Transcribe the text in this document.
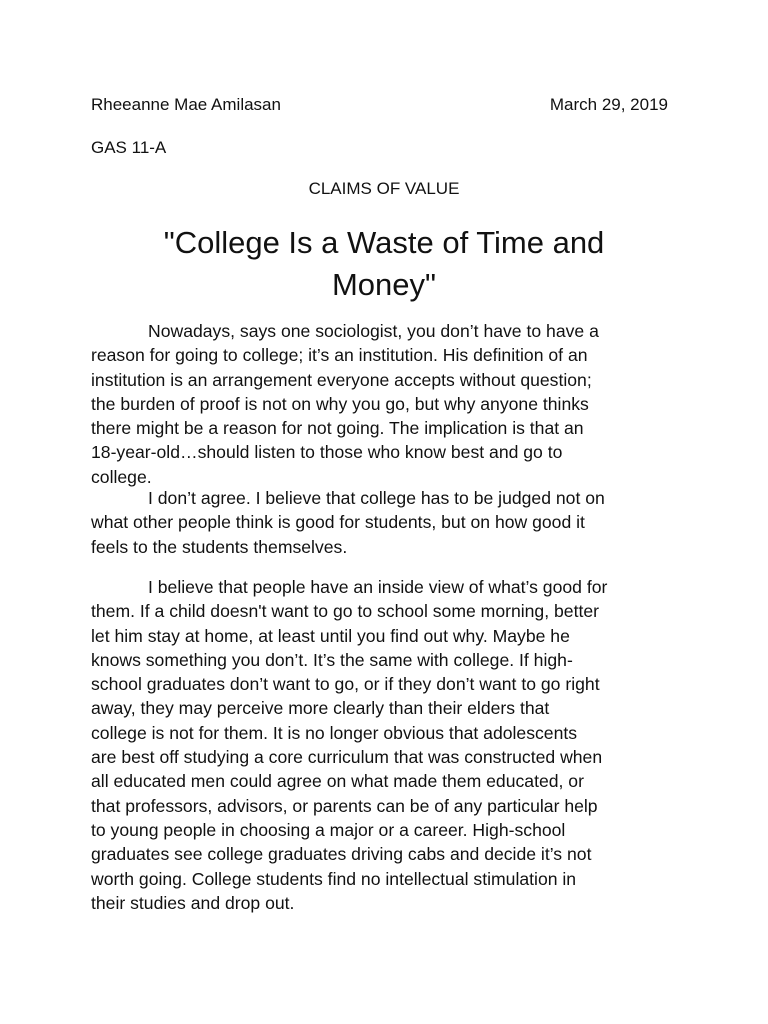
Rheeanne Mae Amilasan	March 29, 2019
GAS 11-A
CLAIMS OF VALUE
"College Is a Waste of Time and
Money"

Nowadays, says one sociologist, you don’t have to have a

reason for going to college; it’s an institution. His definition of an

institution is an arrangement everyone accepts without question;

the burden of proof is not on why you go, but why anyone thinks

there might be a reason for not going. The implication is that an

18-year-old…should listen to those who know best and go to

college.

I don’t agree. I believe that college has to be judged not on

what other people think is good for students, but on how good it

feels to the students themselves.

I believe that people have an inside view of what’s good for

them. If a child doesn't want to go to school some morning, better

let him stay at home, at least until you find out why. Maybe he

knows something you don’t. It’s the same with college. If high-

school graduates don’t want to go, or if they don’t want to go right

away, they may perceive more clearly than their elders that

college is not for them. It is no longer obvious that adolescents

are best off studying a core curriculum that was constructed when

all educated men could agree on what made them educated, or

that professors, advisors, or parents can be of any particular help

to young people in choosing a major or a career. High-school

graduates see college graduates driving cabs and decide it’s not

worth going. College students find no intellectual stimulation in

their studies and drop out.
